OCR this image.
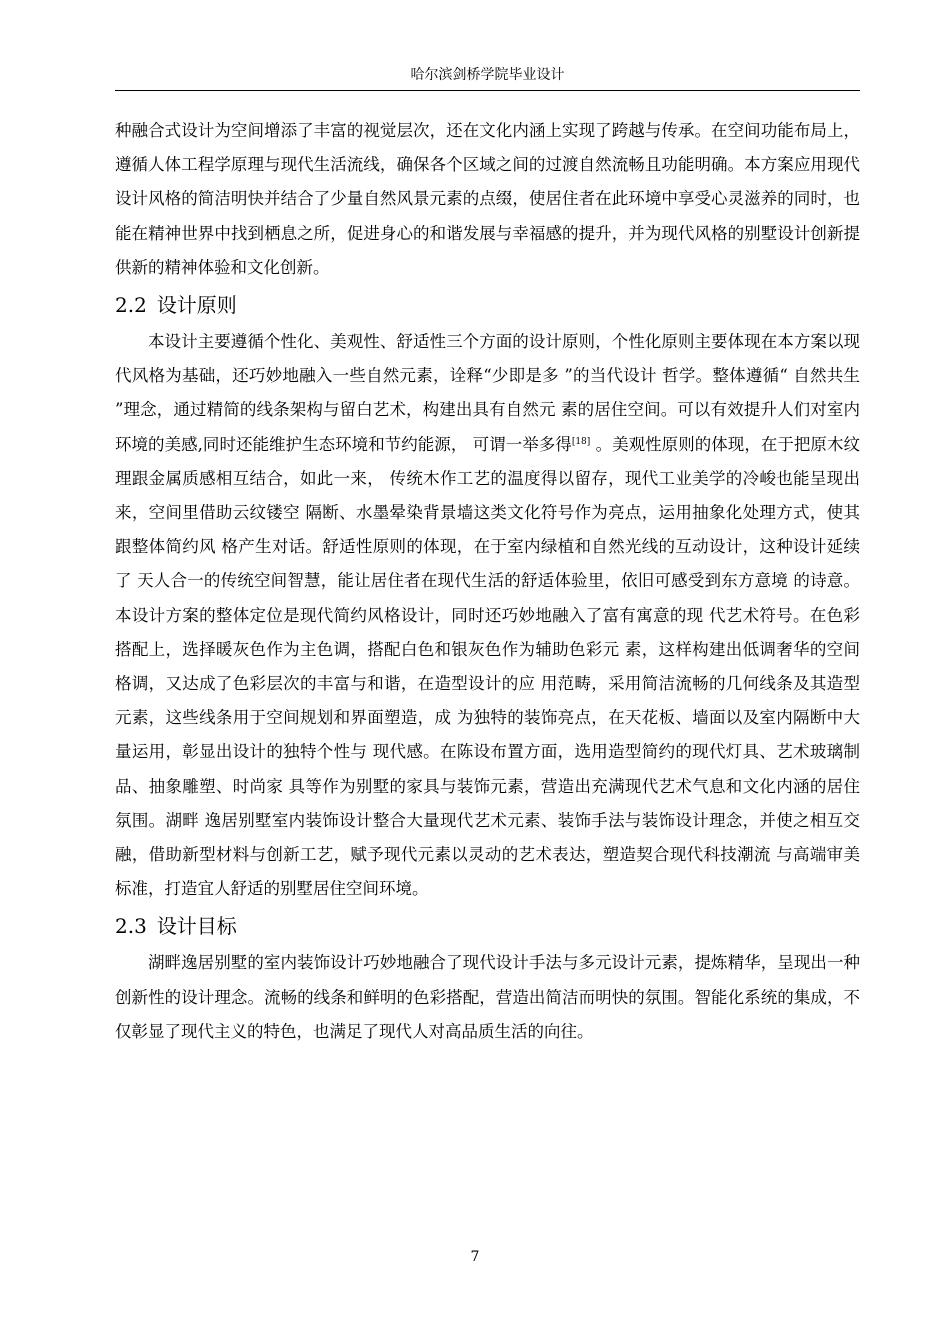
哈尔滨剑桥学院毕业设计

种融合式设计为空间增添了丰富的视觉层次，还在文化内涵上实现了跨越与传承。在空间功能布局上，遵循人体工程学原理与现代生活流线，确保各个区域之间的过渡自然流畅且功能明确。本方案应用现代设计风格的简洁明快并结合了少量自然风景元素的点缀，使居住者在此环境中享受心灵滋养的同时，也能在精神世界中找到栖息之所，促进身心的和谐发展与幸福感的提升，并为现代风格的别墅设计创新提供新的精神体验和文化创新。

2.2 设计原则

本设计主要遵循个性化、美观性、舒适性三个方面的设计原则，个性化原则主要体现在本方案以现代风格为基础，还巧妙地融入一些自然元素，诠释“少即是多 ”的当代设计 哲学。整体遵循“ 自然共生 ”理念，通过精简的线条架构与留白艺术，构建出具有自然元 素的居住空间。可以有效提升人们对室内环境的美感,同时还能维护生态环境和节约能源， 可谓一举多得[18] 。美观性原则的体现，在于把原木纹理跟金属质感相互结合，如此一来， 传统木作工艺的温度得以留存，现代工业美学的冷峻也能呈现出来，空间里借助云纹镂空 隔断、水墨晕染背景墙这类文化符号作为亮点，运用抽象化处理方式，使其跟整体简约风 格产生对话。舒适性原则的体现，在于室内绿植和自然光线的互动设计，这种设计延续了 天人合一的传统空间智慧，能让居住者在现代生活的舒适体验里，依旧可感受到东方意境 的诗意。本设计方案的整体定位是现代简约风格设计，同时还巧妙地融入了富有寓意的现 代艺术符号。在色彩搭配上，选择暖灰色作为主色调，搭配白色和银灰色作为辅助色彩元 素，这样构建出低调奢华的空间格调，又达成了色彩层次的丰富与和谐，在造型设计的应 用范畴，采用简洁流畅的几何线条及其造型元素，这些线条用于空间规划和界面塑造，成 为独特的装饰亮点，在天花板、墙面以及室内隔断中大量运用，彰显出设计的独特个性与 现代感。在陈设布置方面，选用造型简约的现代灯具、艺术玻璃制品、抽象雕塑、时尚家 具等作为别墅的家具与装饰元素，营造出充满现代艺术气息和文化内涵的居住氛围。湖畔 逸居别墅室内装饰设计整合大量现代艺术元素、装饰手法与装饰设计理念，并使之相互交 融，借助新型材料与创新工艺，赋予现代元素以灵动的艺术表达，塑造契合现代科技潮流 与高端审美标准，打造宜人舒适的别墅居住空间环境。

2.3 设计目标

湖畔逸居别墅的室内装饰设计巧妙地融合了现代设计手法与多元设计元素，提炼精华，呈现出一种创新性的设计理念。流畅的线条和鲜明的色彩搭配，营造出简洁而明快的氛围。智能化系统的集成，不仅彰显了现代主义的特色，也满足了现代人对高品质生活的向往。

7
